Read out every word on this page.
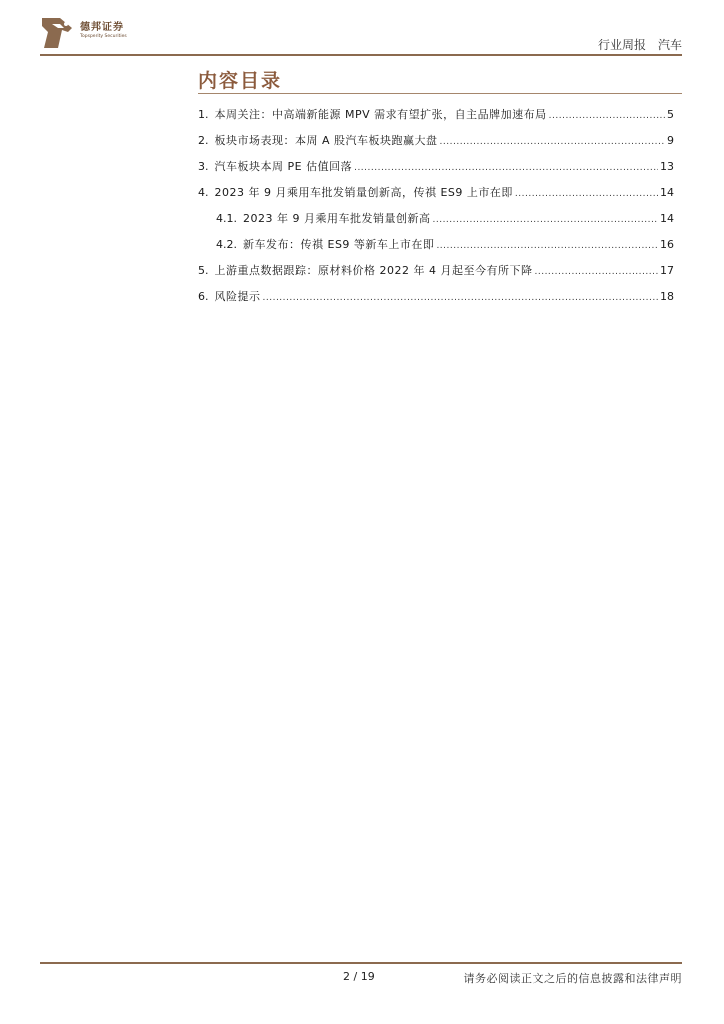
德邦证券
Topsperity Securities
行业周报 汽车
内容目录
1. 本周关注：中高端新能源 MPV 需求有望扩张，自主品牌加速布局 .....	5
2. 板块市场表现：本周 A 股汽车板块跑赢大盘 .....	9
3. 汽车板块本周 PE 估值回落 .....	13
4. 2023 年 9 月乘用车批发销量创新高，传祺 ES9 上市在即 .....	14
4.1. 2023 年 9 月乘用车批发销量创新高 .....	14
4.2. 新车发布：传祺 ES9 等新车上市在即 .....	16
5. 上游重点数据跟踪：原材料价格 2022 年 4 月起至今有所下降 .....	17
6. 风险提示 .....	18
2 / 19	请务必阅读正文之后的信息披露和法律声明
